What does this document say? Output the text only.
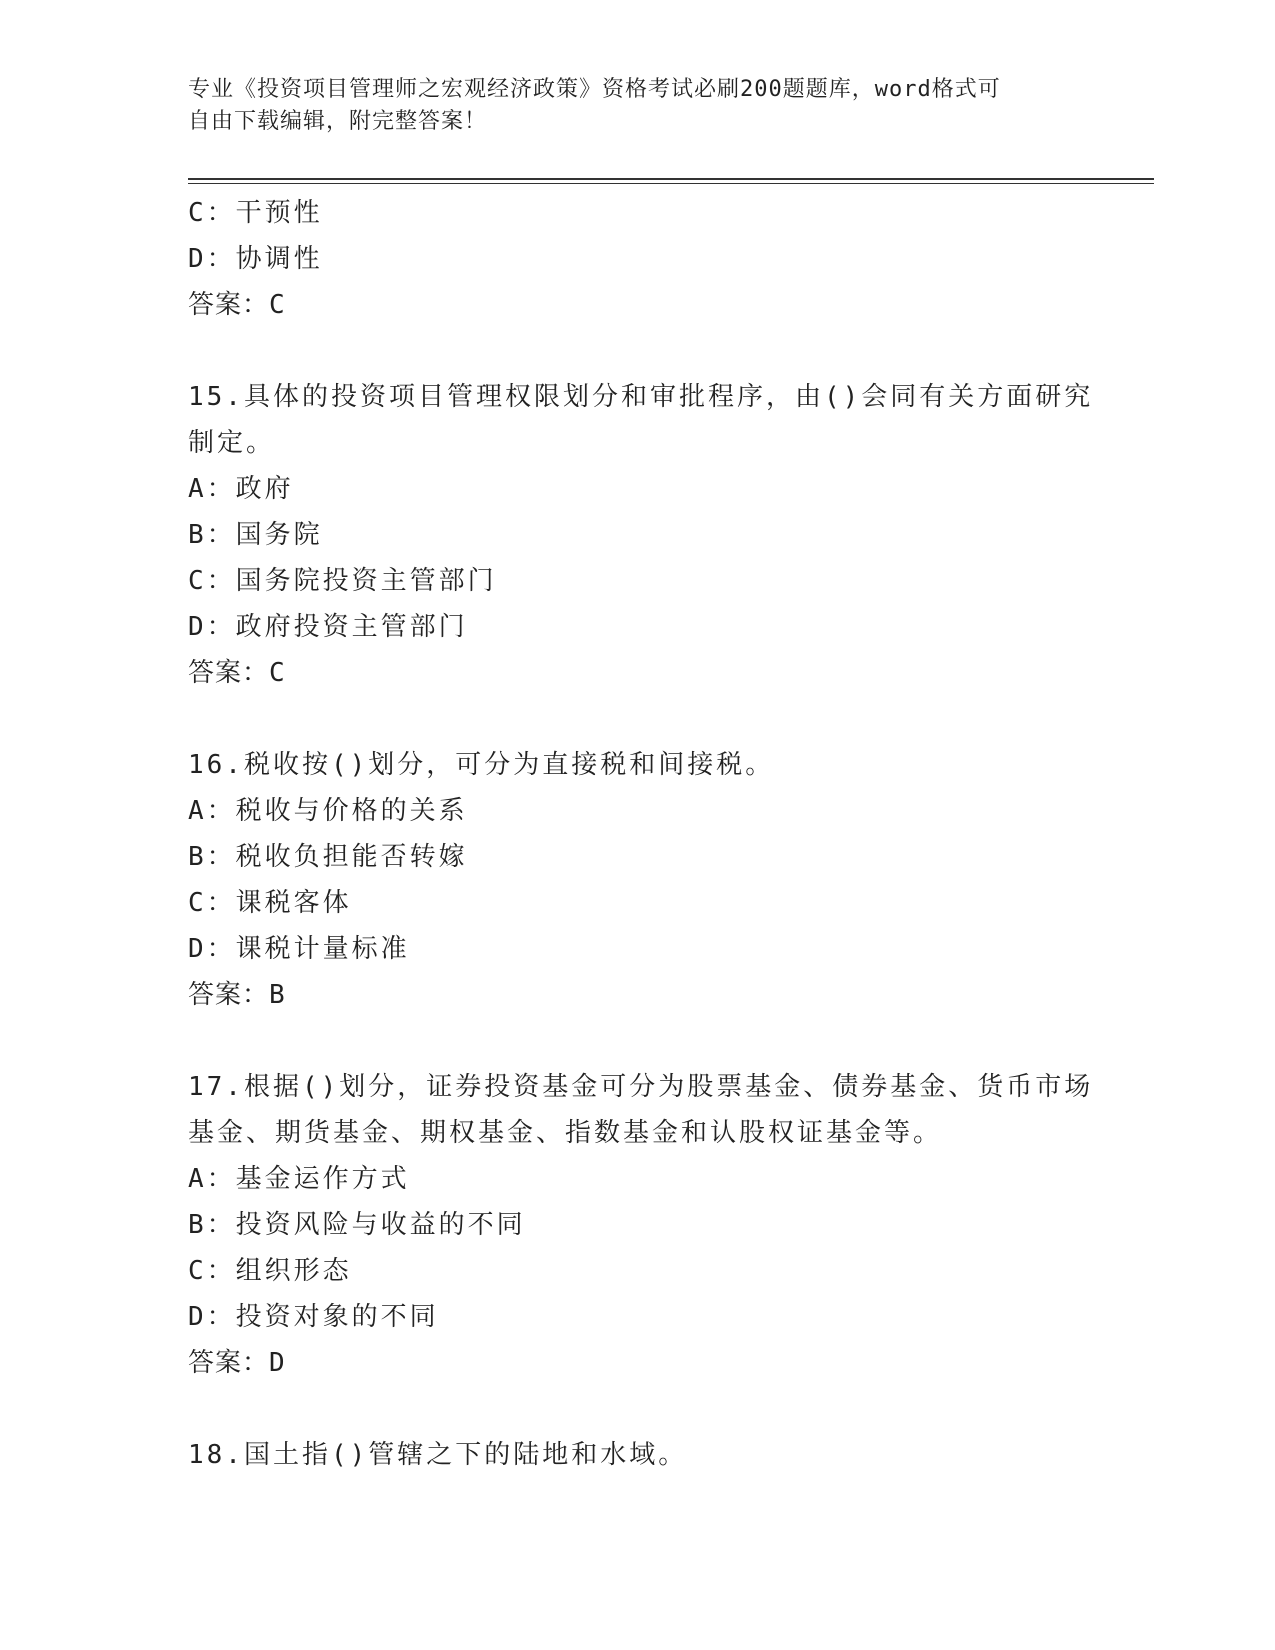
专业《投资项目管理师之宏观经济政策》资格考试必刷200题题库，word格式可
自由下载编辑，附完整答案！
C：干预性
D：协调性
答案：C
15.具体的投资项目管理权限划分和审批程序，由()会同有关方面研究
制定。
A：政府
B：国务院
C：国务院投资主管部门
D：政府投资主管部门
答案：C
16.税收按()划分，可分为直接税和间接税。
A：税收与价格的关系
B：税收负担能否转嫁
C：课税客体
D：课税计量标准
答案：B
17.根据()划分，证券投资基金可分为股票基金、债券基金、货币市场
基金、期货基金、期权基金、指数基金和认股权证基金等。
A：基金运作方式
B：投资风险与收益的不同
C：组织形态
D：投资对象的不同
答案：D
18.国土指()管辖之下的陆地和水域。
